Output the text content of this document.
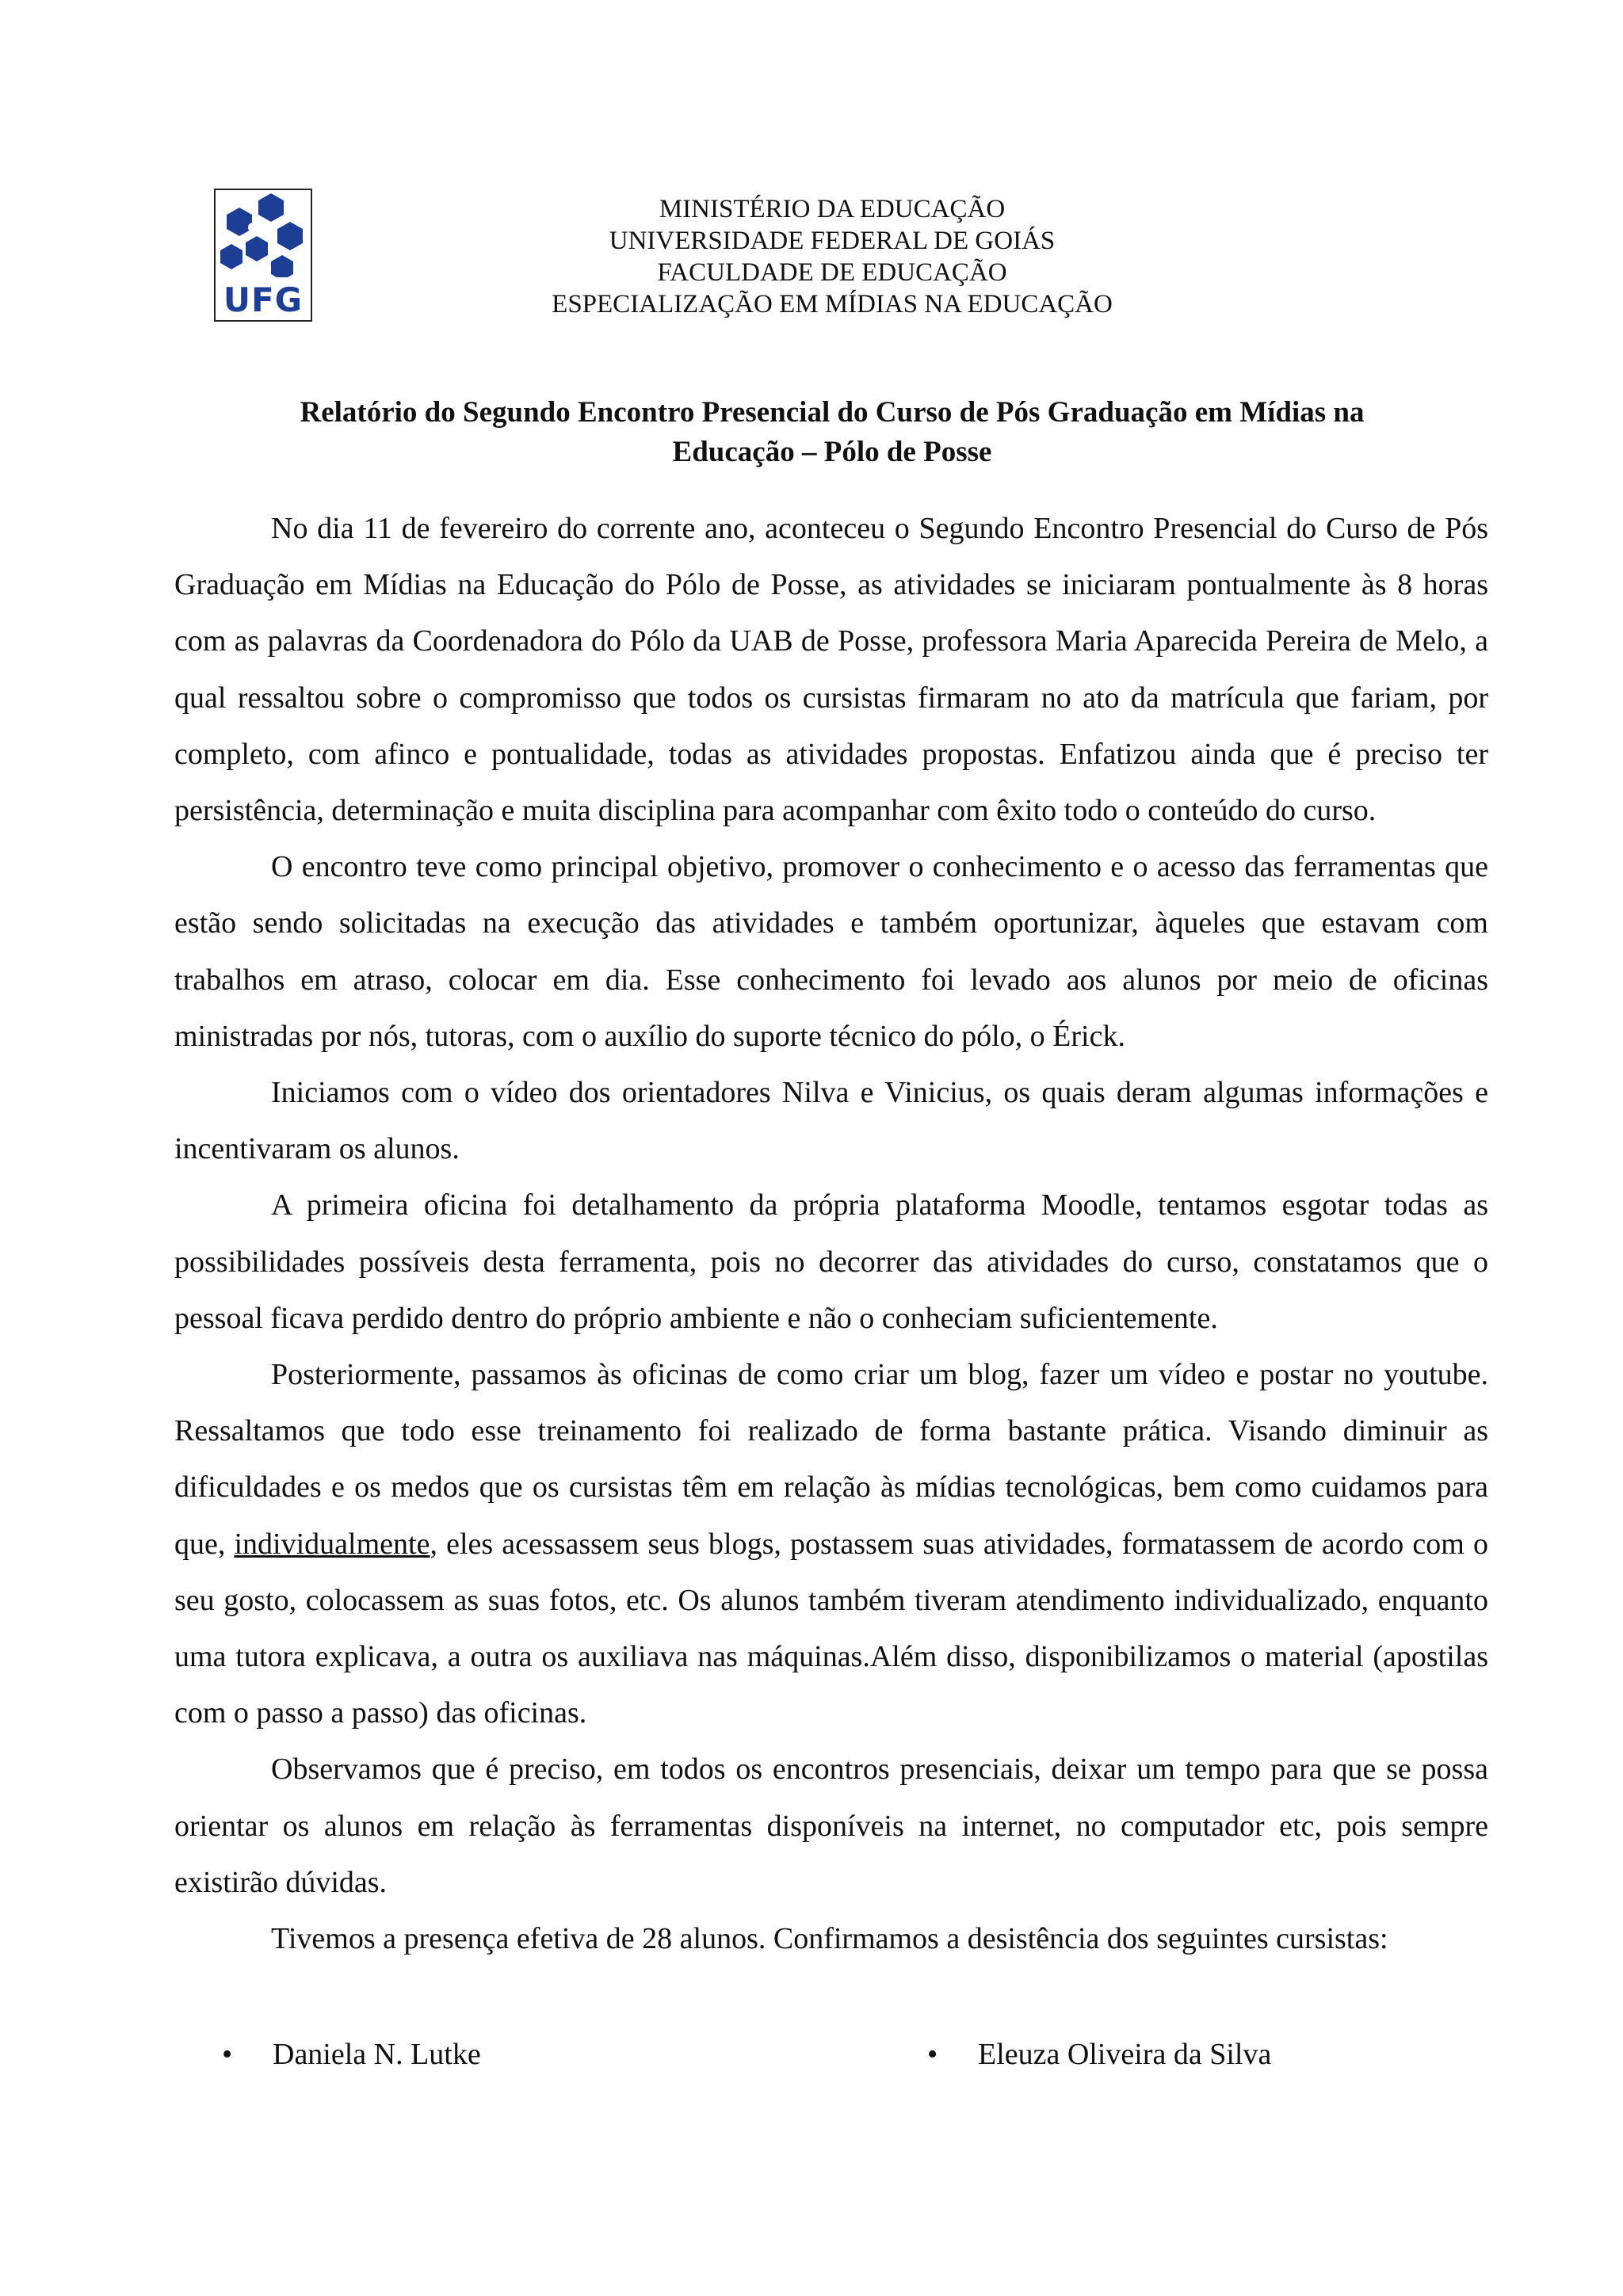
UFG
MINISTÉRIO DA EDUCAÇÃO
UNIVERSIDADE FEDERAL DE GOIÁS
FACULDADE DE EDUCAÇÃO
ESPECIALIZAÇÃO EM MÍDIAS NA EDUCAÇÃO
Relatório do Segundo Encontro Presencial do Curso de Pós Graduação em Mídias na
Educação – Pólo de Posse

No dia 11 de fevereiro do corrente ano, aconteceu o Segundo Encontro Presencial do Curso de Pós Graduação em Mídias na Educação do Pólo de Posse, as atividades se iniciaram pontualmente às 8 horas com as palavras da Coordenadora do Pólo da UAB de Posse, professora Maria Aparecida Pereira de Melo, a qual ressaltou sobre o compromisso que todos os cursistas firmaram no ato da matrícula que fariam, por completo, com afinco e pontualidade, todas as atividades propostas. Enfatizou ainda que é preciso ter persistência, determinação e muita disciplina para acompanhar com êxito todo o conteúdo do curso.

O encontro teve como principal objetivo, promover o conhecimento e o acesso das ferramentas que estão sendo solicitadas na execução das atividades e também oportunizar, àqueles que estavam com trabalhos em atraso, colocar em dia. Esse conhecimento foi levado aos alunos por meio de oficinas ministradas por nós, tutoras, com o auxílio do suporte técnico do pólo, o Érick.

Iniciamos com o vídeo dos orientadores Nilva e Vinicius, os quais deram algumas informações e incentivaram os alunos.

A primeira oficina foi detalhamento da própria plataforma Moodle, tentamos esgotar todas as possibilidades possíveis desta ferramenta, pois no decorrer das atividades do curso, constatamos que o pessoal ficava perdido dentro do próprio ambiente e não o conheciam suficientemente.

Posteriormente, passamos às oficinas de como criar um blog, fazer um vídeo e postar no youtube. Ressaltamos que todo esse treinamento foi realizado de forma bastante prática. Visando diminuir as dificuldades e os medos que os cursistas têm em relação às mídias tecnológicas, bem como cuidamos para que, individualmente, eles acessassem seus blogs, postassem suas atividades, formatassem de acordo com o seu gosto, colocassem as suas fotos, etc. Os alunos também tiveram atendimento individualizado, enquanto uma tutora explicava, a outra os auxiliava nas máquinas.Além disso, disponibilizamos o material (apostilas com o passo a passo) das oficinas.

Observamos que é preciso, em todos os encontros presenciais, deixar um tempo para que se possa orientar os alunos em relação às ferramentas disponíveis na internet, no computador etc, pois sempre existirão dúvidas.

Tivemos a presença efetiva de 28 alunos. Confirmamos a desistência dos seguintes cursistas:

• Daniela N. Lutke	• Eleuza Oliveira da Silva
